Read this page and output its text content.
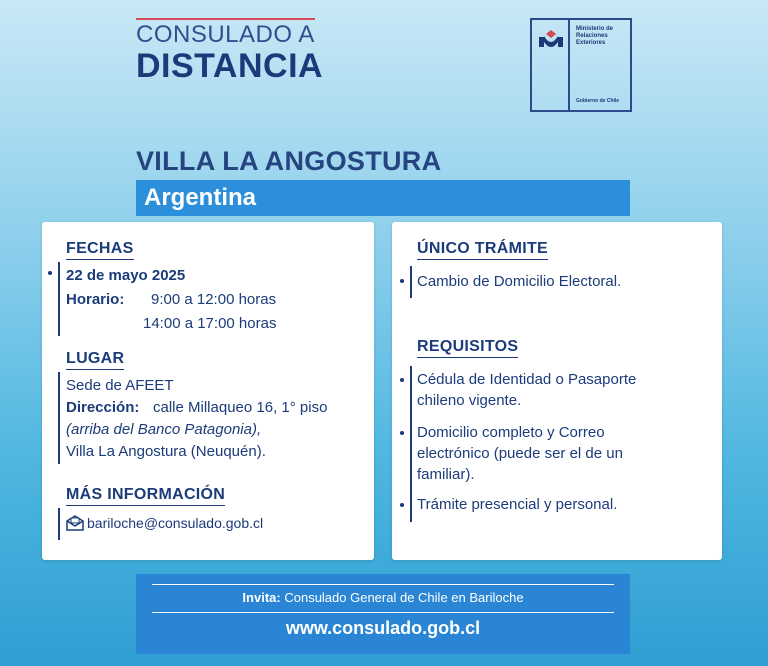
CONSULADO A
DISTANCIA
Ministerio de
Relaciones
Exteriores
Gobierno de Chile
VILLA LA ANGOSTURA
Argentina
FECHAS
22 de mayo 2025
Horario: 9:00 a 12:00 horas
14:00 a 17:00 horas
LUGAR
Sede de AFEET
Dirección: calle Millaqueo 16, 1° piso
(arriba del Banco Patagonia),
Villa La Angostura (Neuquén).
MÁS INFORMACIÓN
bariloche@consulado.gob.cl
ÚNICO TRÁMITE
Cambio de Domicilio Electoral.
REQUISITOS
Cédula de Identidad o Pasaporte
chileno vigente.
Domicilio completo y Correo
electrónico (puede ser el de un
familiar).
Trámite presencial y personal.
Invita: Consulado General de Chile en Bariloche
www.consulado.gob.cl
